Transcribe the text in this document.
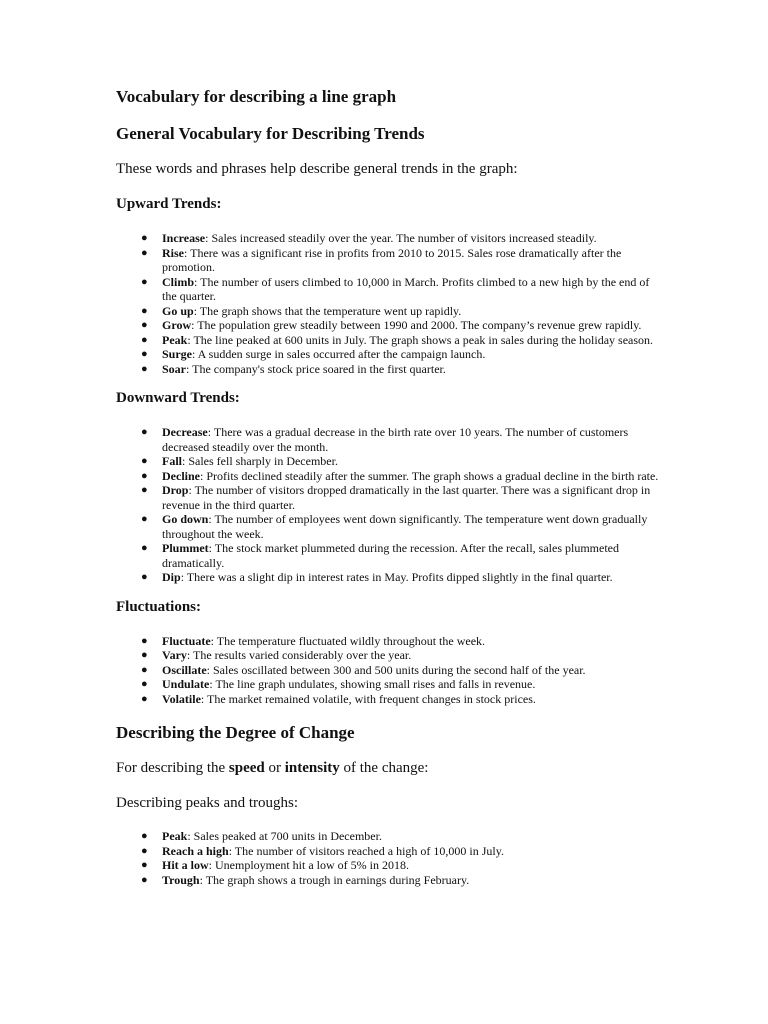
Vocabulary for describing a line graph
General Vocabulary for Describing Trends

These words and phrases help describe general trends in the graph:

Upward Trends:
● Increase: Sales increased steadily over the year. The number of visitors increased steadily.
● Rise: There was a significant rise in profits from 2010 to 2015. Sales rose dramatically after the promotion.
● Climb: The number of users climbed to 10,000 in March. Profits climbed to a new high by the end of the quarter.
● Go up: The graph shows that the temperature went up rapidly.
● Grow: The population grew steadily between 1990 and 2000. The company’s revenue grew rapidly.
● Peak: The line peaked at 600 units in July. The graph shows a peak in sales during the holiday season.
● Surge: A sudden surge in sales occurred after the campaign launch.
● Soar: The company's stock price soared in the first quarter.
Downward Trends:
● Decrease: There was a gradual decrease in the birth rate over 10 years. The number of customers decreased steadily over the month.
● Fall: Sales fell sharply in December.
● Decline: Profits declined steadily after the summer. The graph shows a gradual decline in the birth rate.
● Drop: The number of visitors dropped dramatically in the last quarter. There was a significant drop in revenue in the third quarter.
● Go down: The number of employees went down significantly. The temperature went down gradually throughout the week.
● Plummet: The stock market plummeted during the recession. After the recall, sales plummeted dramatically.
● Dip: There was a slight dip in interest rates in May. Profits dipped slightly in the final quarter.
Fluctuations:
● Fluctuate: The temperature fluctuated wildly throughout the week.
● Vary: The results varied considerably over the year.
● Oscillate: Sales oscillated between 300 and 500 units during the second half of the year.
● Undulate: The line graph undulates, showing small rises and falls in revenue.
● Volatile: The market remained volatile, with frequent changes in stock prices.
Describing the Degree of Change

For describing the speed or intensity of the change:

Describing peaks and troughs:

● Peak: Sales peaked at 700 units in December.
● Reach a high: The number of visitors reached a high of 10,000 in July.
● Hit a low: Unemployment hit a low of 5% in 2018.
● Trough: The graph shows a trough in earnings during February.
